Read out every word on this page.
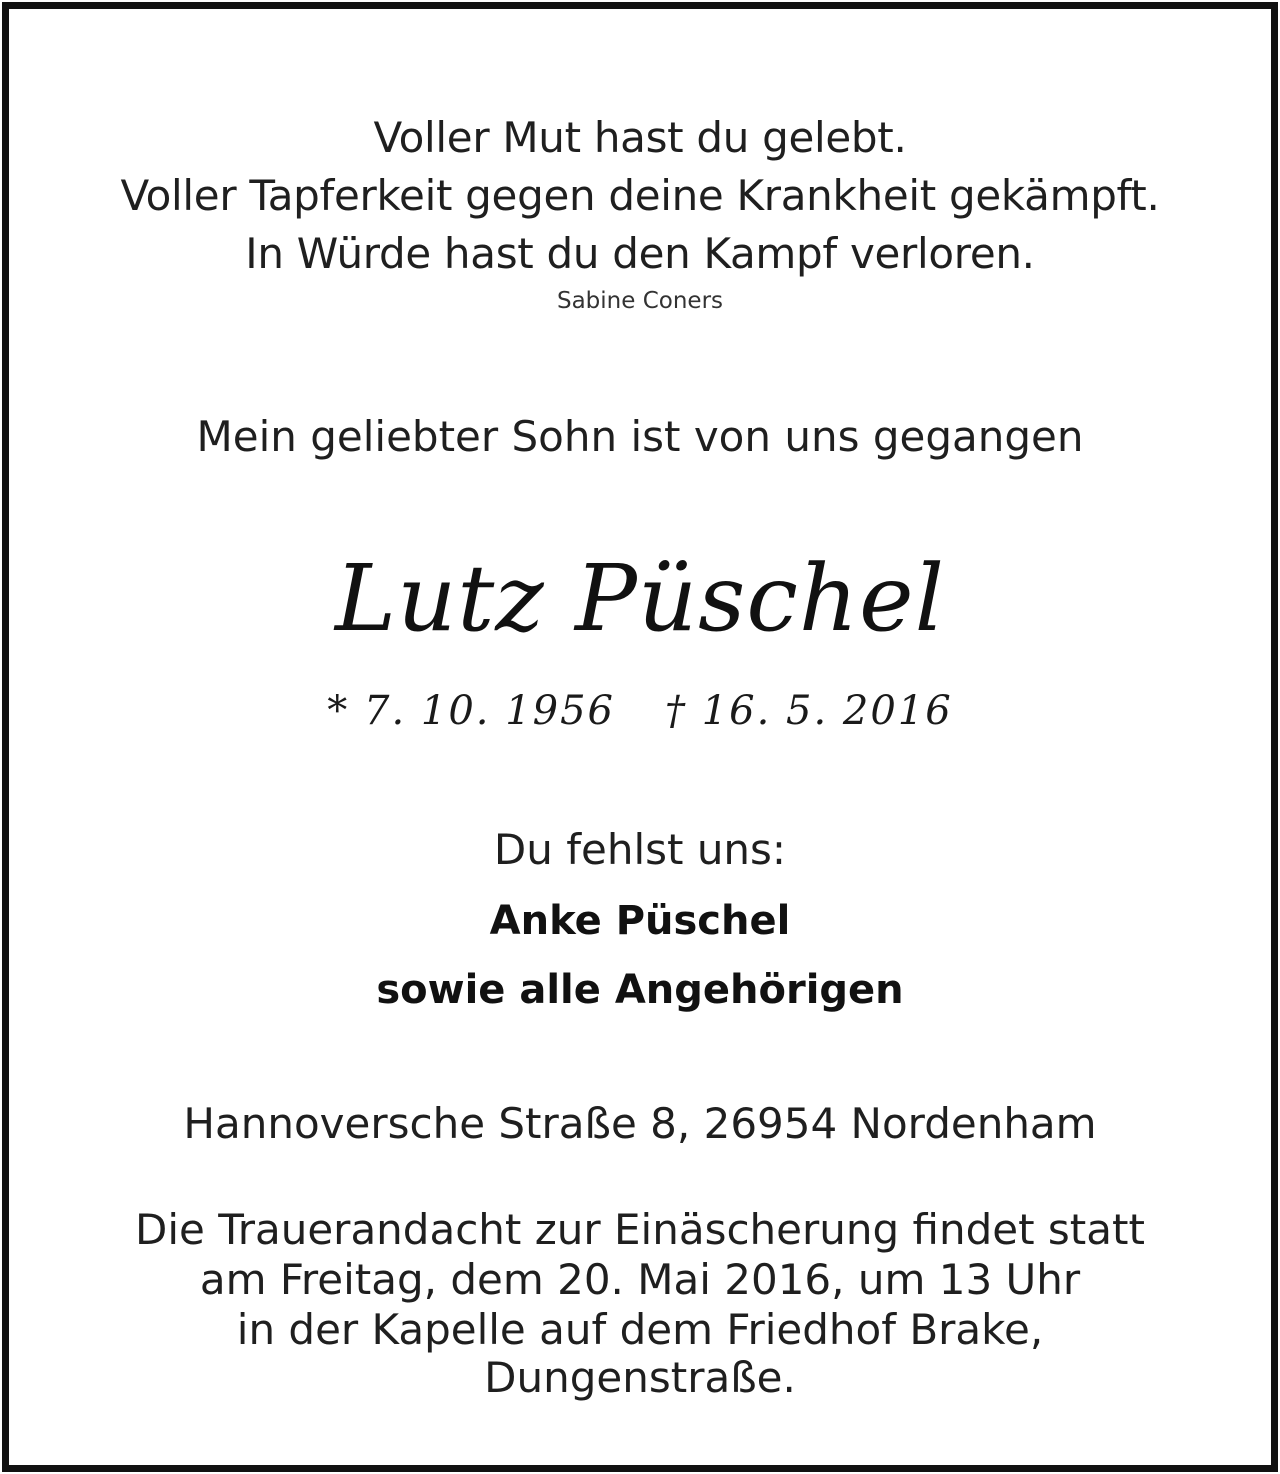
Voller Mut hast du gelebt.

Voller Tapferkeit gegen deine Krankheit gekämpft.

In Würde hast du den Kampf verloren.

Sabine Coners

Mein geliebter Sohn ist von uns gegangen

Lutz Püschel

* 7. 10. 1956 † 16. 5. 2016

Du fehlst uns:

Anke Püschel

sowie alle Angehörigen

Hannoversche Straße 8, 26954 Nordenham

Die Trauerandacht zur Einäscherung findet statt

am Freitag, dem 20. Mai 2016, um 13 Uhr

in der Kapelle auf dem Friedhof Brake,

Dungenstraße.
